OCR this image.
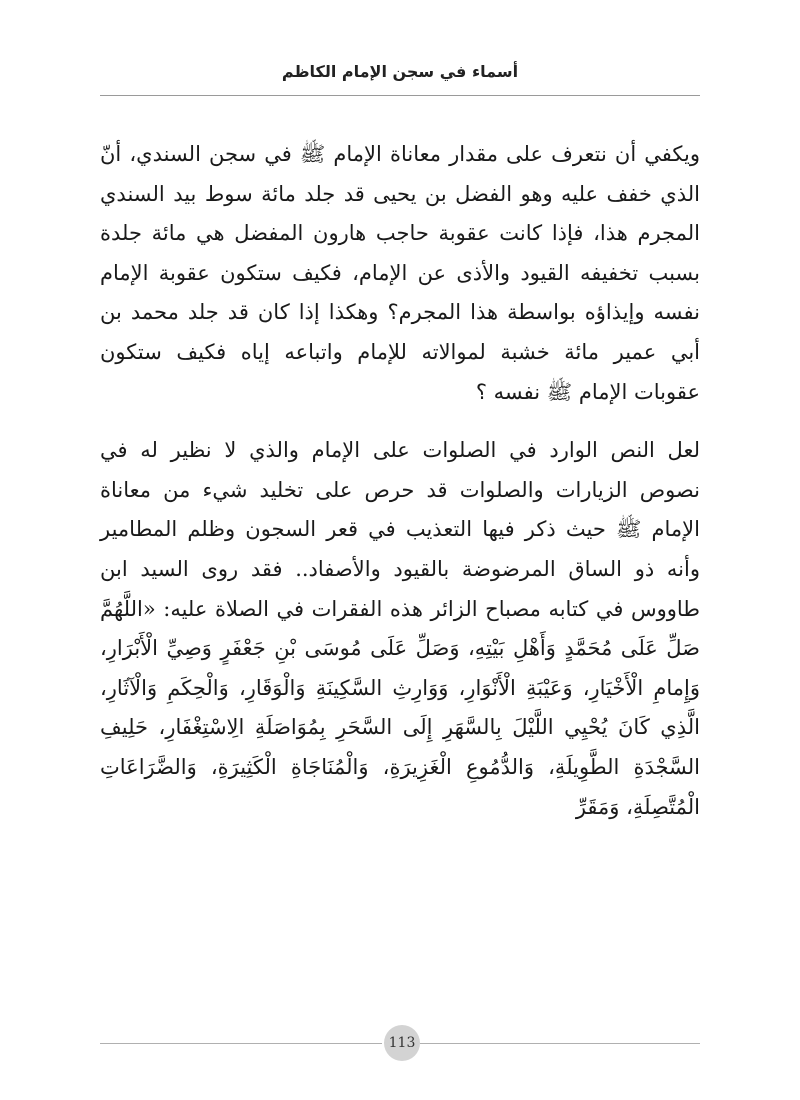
أسماء في سجن الإمام الكاظم

ويكفي أن نتعرف على مقدار معاناة الإمام ﷺ في سجن السندي، أنّ الذي خفف عليه وهو الفضل بن يحيى قد جلد مائة سوط بيد السندي المجرم هذا، فإذا كانت عقوبة حاجب هارون المفضل هي مائة جلدة بسبب تخفيفه القيود والأذى عن الإمام، فكيف ستكون عقوبة الإمام نفسه وإيذاؤه بواسطة هذا المجرم؟ وهكذا إذا كان قد جلد محمد بن أبي عمير مائة خشبة لموالاته للإمام واتباعه إياه فكيف ستكون عقوبات الإمام ﷺ نفسه ؟

لعل النص الوارد في الصلوات على الإمام والذي لا نظير له في نصوص الزيارات والصلوات قد حرص على تخليد شيء من معاناة الإمام ﷺ حيث ذكر فيها التعذيب في قعر السجون وظلم المطامير وأنه ذو الساق المرضوضة بالقيود والأصفاد.. فقد روى السيد ابن طاووس في كتابه مصباح الزائر هذه الفقرات في الصلاة عليه: «اللَّهُمَّ صَلِّ عَلَى مُحَمَّدٍ وَأَهْلِ بَيْتِهِ، وَصَلِّ عَلَى مُوسَى بْنِ جَعْفَرٍ وَصِيِّ الْأَبْرَارِ، وَإِمامِ الْأَخْيَارِ، وَعَيْبَةِ الْأَنْوَارِ، وَوَارِثِ السَّكِينَةِ وَالْوَقَارِ، وَالْحِكَمِ وَالْآثَارِ، الَّذِي كَانَ يُحْيِي اللَّيْلَ بِالسَّهَرِ إِلَى السَّحَرِ بِمُوَاصَلَةِ الِاسْتِغْفَارِ، حَلِيفِ السَّجْدَةِ الطَّوِيلَةِ، وَالدُّمُوعِ الْغَزِيرَةِ، وَالْمُنَاجَاةِ الْكَثِيرَةِ، وَالضَّرَاعَاتِ الْمُتَّصِلَةِ، وَمَقَرِّ

113
